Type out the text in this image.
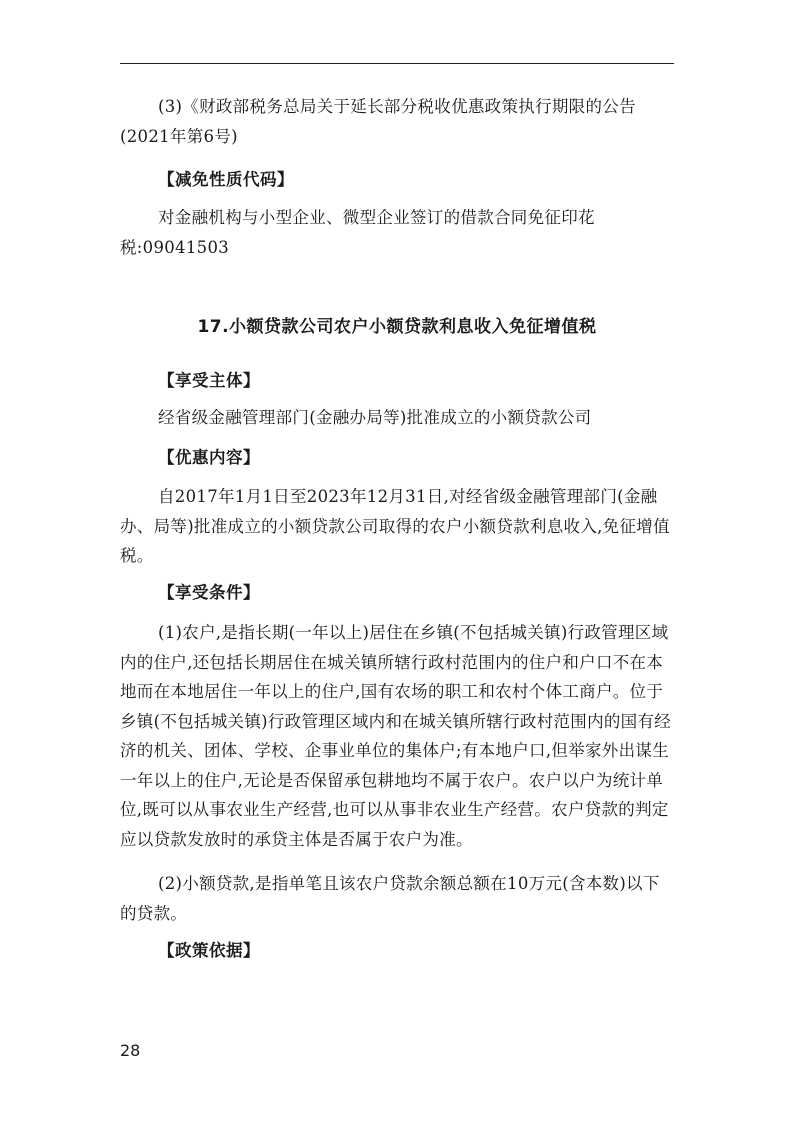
(3)《财政部税务总局关于延长部分税收优惠政策执行期限的公告(2021年第6号)

【减免性质代码】

对金融机构与小型企业、微型企业签订的借款合同免征印花税:09041503

17.小额贷款公司农户小额贷款利息收入免征增值税

【享受主体】

经省级金融管理部门(金融办局等)批准成立的小额贷款公司

【优惠内容】

自2017年1月1日至2023年12月31日,对经省级金融管理部门(金融办、局等)批准成立的小额贷款公司取得的农户小额贷款利息收入,免征增值税。

【享受条件】

(1)农户,是指长期(一年以上)居住在乡镇(不包括城关镇)行政管理区域内的住户,还包括长期居住在城关镇所辖行政村范围内的住户和户口不在本地而在本地居住一年以上的住户,国有农场的职工和农村个体工商户。位于乡镇(不包括城关镇)行政管理区域内和在城关镇所辖行政村范围内的国有经济的机关、团体、学校、企事业单位的集体户;有本地户口,但举家外出谋生一年以上的住户,无论是否保留承包耕地均不属于农户。农户以户为统计单位,既可以从事农业生产经营,也可以从事非农业生产经营。农户贷款的判定应以贷款发放时的承贷主体是否属于农户为准。

(2)小额贷款,是指单笔且该农户贷款余额总额在10万元(含本数)以下的贷款。

【政策依据】

28
